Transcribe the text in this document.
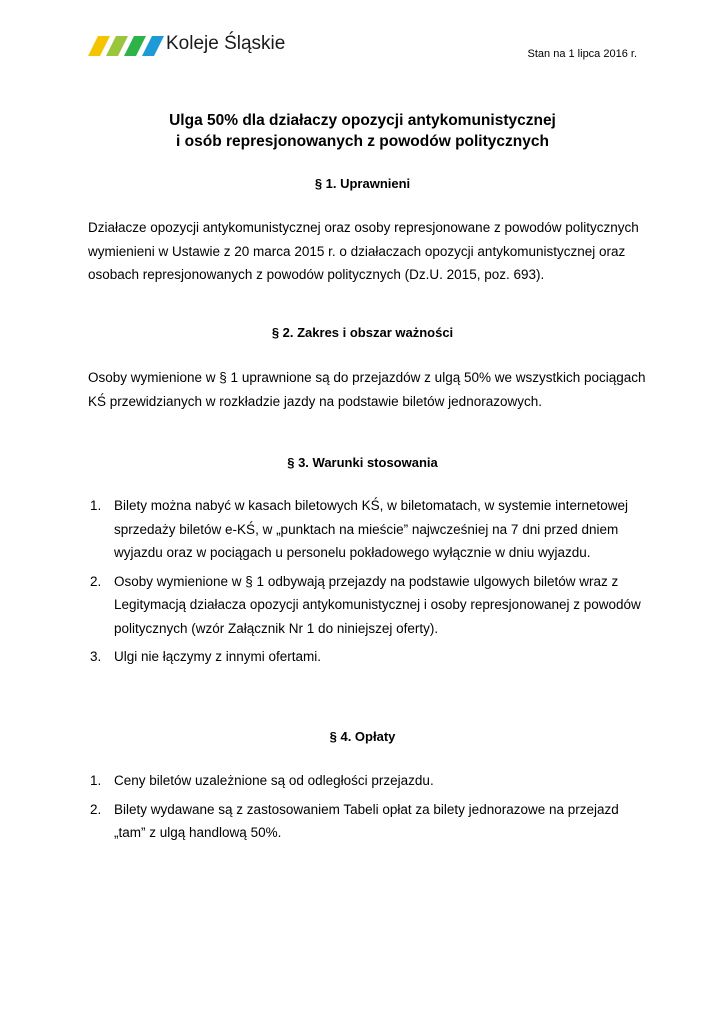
Koleje Śląskie	Stan na 1 lipca 2016 r.
Ulga 50% dla działaczy opozycji antykomunistycznej
i osób represjonowanych z powodów politycznych
§ 1. Uprawnieni
Działacze opozycji antykomunistycznej oraz osoby represjonowane z powodów politycznych wymienieni w Ustawie z 20 marca 2015 r. o działaczach opozycji antykomunistycznej oraz osobach represjonowanych z powodów politycznych (Dz.U. 2015, poz. 693).
§ 2. Zakres i obszar ważności
Osoby wymienione w § 1 uprawnione są do przejazdów z ulgą 50% we wszystkich pociągach KŚ przewidzianych w rozkładzie jazdy na podstawie biletów jednorazowych.
§ 3. Warunki stosowania
1. Bilety można nabyć w kasach biletowych KŚ, w biletomatach, w systemie internetowej sprzedaży biletów e-KŚ, w „punktach na mieście” najwcześniej na 7 dni przed dniem wyjazdu oraz w pociągach u personelu pokładowego wyłącznie w dniu wyjazdu.
2. Osoby wymienione w § 1 odbywają przejazdy na podstawie ulgowych biletów wraz z Legitymacją działacza opozycji antykomunistycznej i osoby represjonowanej z powodów politycznych (wzór Załącznik Nr 1 do niniejszej oferty).
3. Ulgi nie łączymy z innymi ofertami.
§ 4. Opłaty
1. Ceny biletów uzależnione są od odległości przejazdu.
2. Bilety wydawane są z zastosowaniem Tabeli opłat za bilety jednorazowe na przejazd „tam” z ulgą handlową 50%.
